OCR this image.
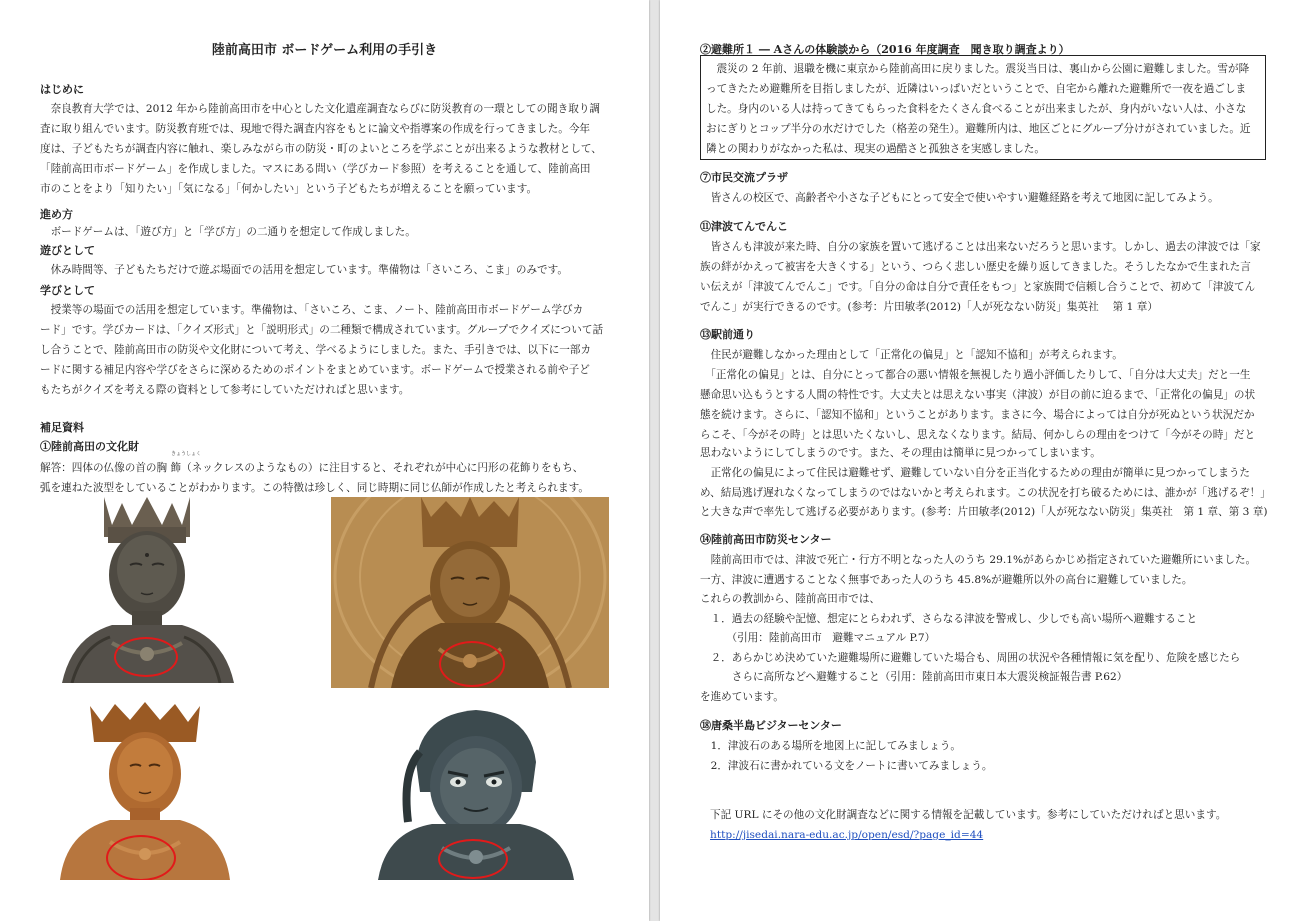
陸前高田市 ボードゲーム利用の手引き
はじめに
　奈良教育大学では、2012 年から陸前高田市を中心とした文化遺産調査ならびに防災教育の一環としての聞き取り調
査に取り組んでいます。防災教育班では、現地で得た調査内容をもとに論文や指導案の作成を行ってきました。今年
度は、子どもたちが調査内容に触れ、楽しみながら市の防災・町のよいところを学ぶことが出来るような教材として、
「陸前高田市ボードゲーム」を作成しました。マスにある問い（学びカード参照）を考えることを通して、陸前高田
市のことをより「知りたい」「気になる」「何かしたい」という子どもたちが増えることを願っています。
進め方
　ボードゲームは、「遊び方」と「学び方」の二通りを想定して作成しました。
遊びとして
　休み時間等、子どもたちだけで遊ぶ場面での活用を想定しています。準備物は「さいころ、こま」のみです。
学びとして
　授業等の場面での活用を想定しています。準備物は、「さいころ、こま、ノート、陸前高田市ボードゲーム学びカ
ード」です。学びカードは、「クイズ形式」と「説明形式」の二種類で構成されています。グループでクイズについて話
し合うことで、陸前高田市の防災や文化財について考え、学べるようにしました。また、手引きでは、以下に一部カ
ードに関する補足内容や学びをさらに深めるためのポイントをまとめています。ボードゲームで授業される前や子ど
もたちがクイズを考える際の資料として参考にしていただければと思います。
補足資料
①陸前高田の文化財
きょうしょく
解答：四体の仏像の首の胸 飾（ネックレスのようなもの）に注目すると、それぞれが中心に円形の花飾りをもち、
弧を連ねた波型をしていることがわかります。この特徴は珍しく、同じ時期に同じ仏師が作成したと考えられます。
②避難所１ ― Aさんの体験談から（2016 年度調査　聞き取り調査より）
　震災の 2 年前、退職を機に東京から陸前高田に戻りました。震災当日は、裏山から公園に避難しました。雪が降
ってきたため避難所を目指しましたが、近隣はいっぱいだということで、自宅から離れた避難所で一夜を過ごしま
した。身内のいる人は持ってきてもらった食料をたくさん食べることが出来ましたが、身内がいない人は、小さな
おにぎりとコップ半分の水だけでした（格差の発生）。避難所内は、地区ごとにグループ分けがされていました。近
隣との関わりがなかった私は、現実の過酷さと孤独さを実感しました。
⑦市民交流プラザ
　皆さんの校区で、高齢者や小さな子どもにとって安全で使いやすい避難経路を考えて地図に記してみよう。
⑪津波てんでんこ
　皆さんも津波が来た時、自分の家族を置いて逃げることは出来ないだろうと思います。しかし、過去の津波では「家
族の絆がかえって被害を大きくする」という、つらく悲しい歴史を繰り返してきました。そうしたなかで生まれた言
い伝えが「津波てんでんこ」です。「自分の命は自分で責任をもつ」と家族間で信頼し合うことで、初めて「津波てん
でんこ」が実行できるのです。(参考：片田敏孝(2012)「人が死なない防災」集英社　 第 1 章）
⑬駅前通り
　住民が避難しなかった理由として「正常化の偏見」と「認知不協和」が考えられます。
　「正常化の偏見」とは、自分にとって都合の悪い情報を無視したり過小評価したりして、「自分は大丈夫」だと一生
懸命思い込もうとする人間の特性です。大丈夫とは思えない事実（津波）が目の前に迫るまで、「正常化の偏見」の状
態を続けます。さらに、「認知不協和」ということがあります。まさに今、場合によっては自分が死ぬという状況だか
らこそ、「今がその時」とは思いたくないし、思えなくなります。結局、何かしらの理由をつけて「今がその時」だと
思わないようにしてしまうのです。また、その理由は簡単に見つかってしまいます。
　正常化の偏見によって住民は避難せず、避難していない自分を正当化するための理由が簡単に見つかってしまうた
め、結局逃げ遅れなくなってしまうのではないかと考えられます。この状況を打ち破るためには、誰かが「逃げるぞ！」
と大きな声で率先して逃げる必要があります。(参考：片田敏孝(2012)「人が死なない防災」集英社　第 1 章、第 3 章)
⑭陸前高田市防災センター
　陸前高田市では、津波で死亡・行方不明となった人のうち 29.1%があらかじめ指定されていた避難所にいました。
一方、津波に遭遇することなく無事であった人のうち 45.8%が避難所以外の高台に避難していました。
これらの教訓から、陸前高田市では、
　１．過去の経験や記憶、想定にとらわれず、さらなる津波を警戒し、少しでも高い場所へ避難すること
　　　（引用：陸前高田市　避難マニュアル P.7）
　２．あらかじめ決めていた避難場所に避難していた場合も、周囲の状況や各種情報に気を配り、危険を感じたら
　　　さらに高所などへ避難すること（引用：陸前高田市東日本大震災検証報告書 P.62）
を進めています。
⑱唐桑半島ビジターセンター
　1．津波石のある場所を地図上に記してみましょう。
　2．津波石に書かれている文をノートに書いてみましょう。
下記 URL にその他の文化財調査などに関する情報を記載しています。参考にしていただければと思います。
http://jisedai.nara-edu.ac.jp/open/esd/?page_id=44
